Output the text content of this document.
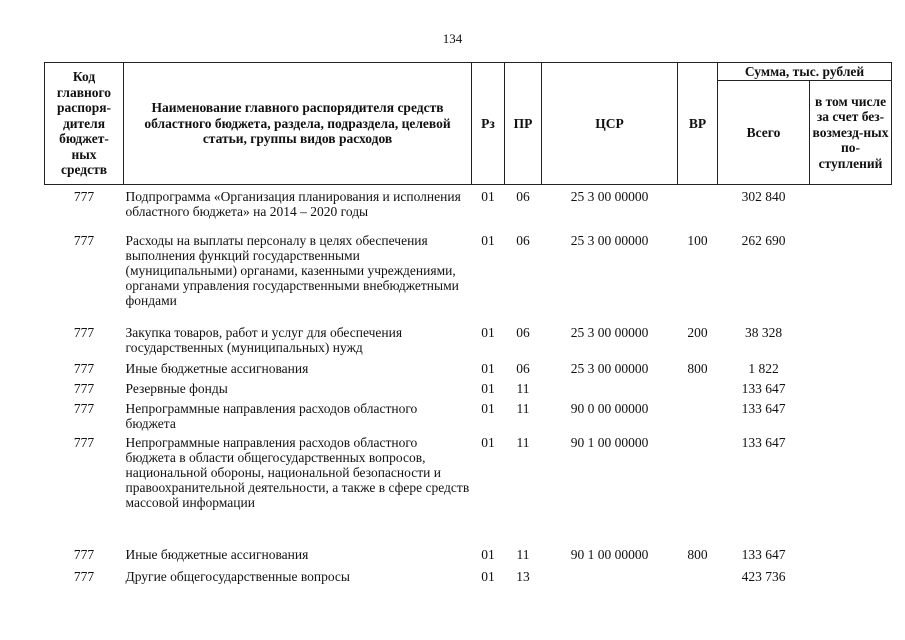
134
Код главного распоря-дителя бюджет-ных средств	Наименование главного распорядителя средств областного бюджета, раздела, подраздела, целевой статьи, группы видов расходов	Рз	ПР	ЦСР	ВР	Сумма, тыс. рублей	
						Всего	в том числе за счет без-возмезд-ных по-ступлений
777	Подпрограмма «Организация планирования и исполнения областного бюджета» на 2014 – 2020 годы	01	06	25 3 00 00000		302 840	
777	Расходы на выплаты персоналу в целях обеспечения выполнения функций государственными (муниципальными) органами, казенными учреждениями, органами управления государственными внебюджетными фондами	01	06	25 3 00 00000	100	262 690	
777	Закупка товаров, работ и услуг для обеспечения государственных (муниципальных) нужд	01	06	25 3 00 00000	200	38 328	
777	Иные бюджетные ассигнования	01	06	25 3 00 00000	800	1 822	
777	Резервные фонды	01	11			133 647	
777	Непрограммные направления расходов областного бюджета	01	11	90 0 00 00000		133 647	
777	Непрограммные направления расходов областного бюджета в области общегосударственных вопросов, национальной обороны, национальной безопасности и правоохранительной деятельности, а также в сфере средств массовой информации	01	11	90 1 00 00000		133 647	
777	Иные бюджетные ассигнования	01	11	90 1 00 00000	800	133 647	
777	Другие общегосударственные вопросы	01	13			423 736	
